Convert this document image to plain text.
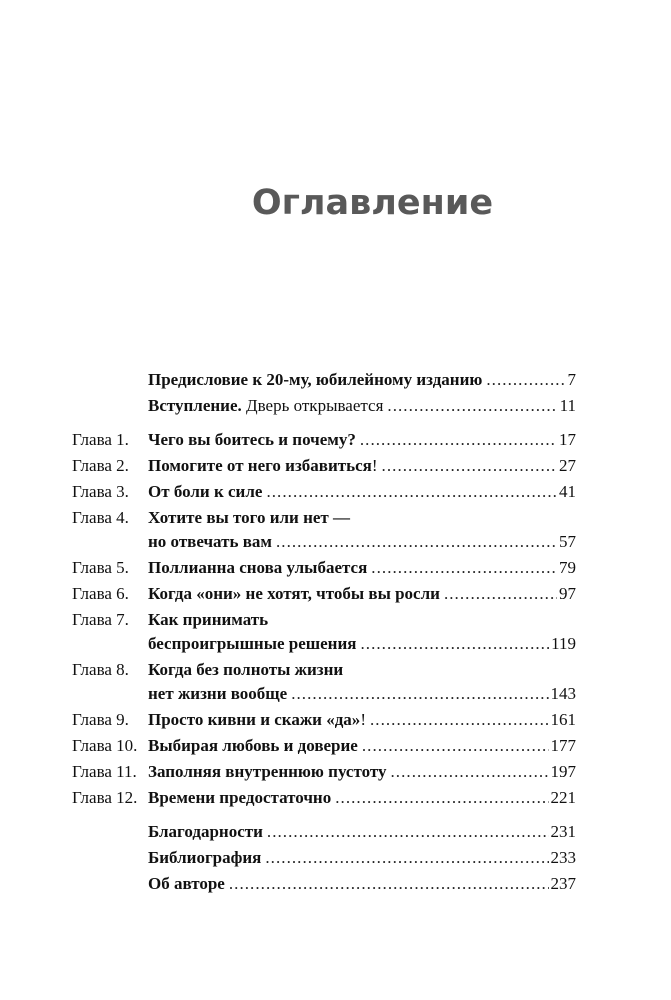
Оглавление
Предисловие к 20-му, юбилейному изданию . . .	7
Вступление. Дверь открывается . . .	11
Глава 1.	Чего вы боитесь и почему? . . .	17
Глава 2.	Помогите от него избавиться! . . .	27
Глава 3.	От боли к силе . . .	41
Глава 4.	Хотите вы того или нет —
но отвечать вам . . .	57
Глава 5.	Поллианна снова улыбается . . .	79
Глава 6.	Когда «они» не хотят, чтобы вы росли . . .	97
Глава 7.	Как принимать
беспроигрышные решения . . .	119
Глава 8.	Когда без полноты жизни
нет жизни вообще . . .	143
Глава 9.	Просто кивни и скажи «да»! . . .	161
Глава 10. Выбирая любовь и доверие . . .	177
Глава 11. Заполняя внутреннюю пустоту . . .	197
Глава 12. Времени предостаточно . . .	221
Благодарности . . .	231
Библиография . . .	233
Об авторе . . .	237
